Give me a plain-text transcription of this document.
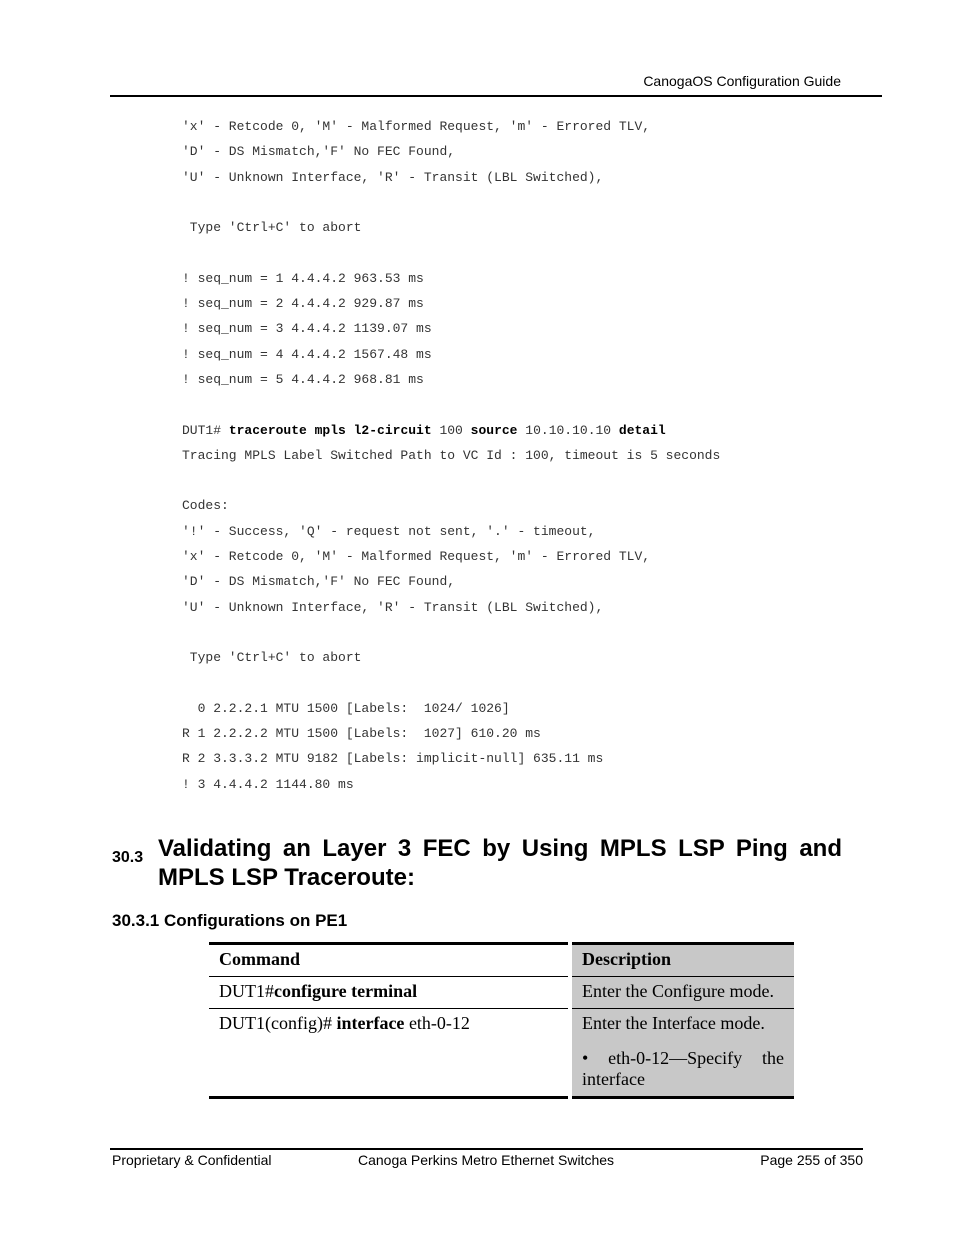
CanogaOS Configuration Guide
'x' - Retcode 0, 'M' - Malformed Request, 'm' - Errored TLV,
'D' - DS Mismatch,'F' No FEC Found,
'U' - Unknown Interface, 'R' - Transit (LBL Switched),
Type 'Ctrl+C' to abort
! seq_num = 1 4.4.4.2 963.53 ms
! seq_num = 2 4.4.4.2 929.87 ms
! seq_num = 3 4.4.4.2 1139.07 ms
! seq_num = 4 4.4.4.2 1567.48 ms
! seq_num = 5 4.4.4.2 968.81 ms
DUT1# traceroute mpls l2-circuit 100 source 10.10.10.10 detail
Tracing MPLS Label Switched Path to VC Id : 100, timeout is 5 seconds
Codes:
'!' - Success, 'Q' - request not sent, '.' - timeout,
'x' - Retcode 0, 'M' - Malformed Request, 'm' - Errored TLV,
'D' - DS Mismatch,'F' No FEC Found,
'U' - Unknown Interface, 'R' - Transit (LBL Switched),
Type 'Ctrl+C' to abort
0 2.2.2.1 MTU 1500 [Labels:  1024/ 1026]
R 1 2.2.2.2 MTU 1500 [Labels:  1027] 610.20 ms
R 2 3.3.3.2 MTU 9182 [Labels: implicit-null] 635.11 ms
! 3 4.4.4.2 1144.80 ms
30.3 Validating an Layer 3 FEC by Using MPLS LSP Ping and MPLS LSP Traceroute:
30.3.1 Configurations on PE1
Command	Description
DUT1#configure terminal	Enter the Configure mode.

DUT1(config)# interface eth-0-12	Enter the Interface mode.
• eth-0-12—Specify the
interface
Proprietary & Confidential	Canoga Perkins Metro Ethernet Switches	Page 255 of 350
